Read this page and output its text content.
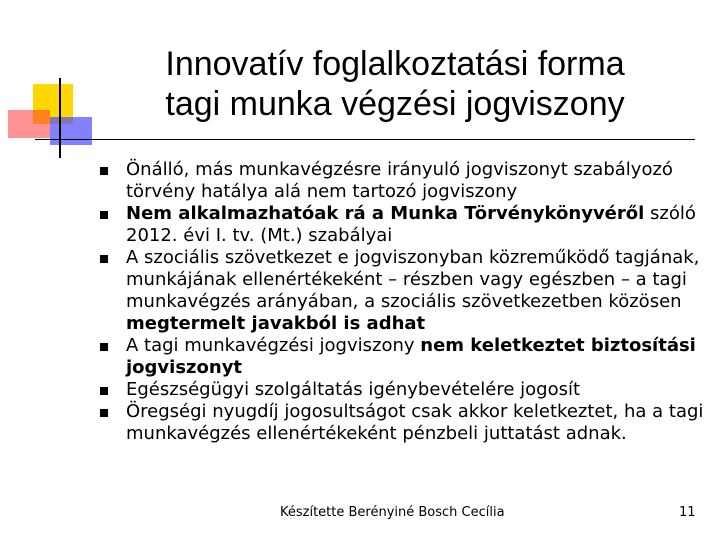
Innovatív foglalkoztatási forma
tagi munka végzési jogviszony
Önálló, más munkavégzésre irányuló jogviszonyt szabályozó törvény hatálya alá nem tartozó jogviszony
Nem alkalmazhatóak rá a Munka Törvénykönyvéről szóló 2012. évi I. tv. (Mt.) szabályai
A szociális szövetkezet e jogviszonyban közreműködő tagjának, munkájának ellenértékeként – részben vagy egészben – a tagi munkavégzés arányában, a szociális szövetkezetben közösen megtermelt javakból is adhat
A tagi munkavégzési jogviszony nem keletkeztet biztosítási jogviszonyt
Egészségügyi szolgáltatás igénybevételére jogosít
Öregségi nyugdíj jogosultságot csak akkor keletkeztet, ha a tagi munkavégzés ellenértékeként pénzbeli juttatást adnak.
Készítette Berényiné Bosch Cecília	11
